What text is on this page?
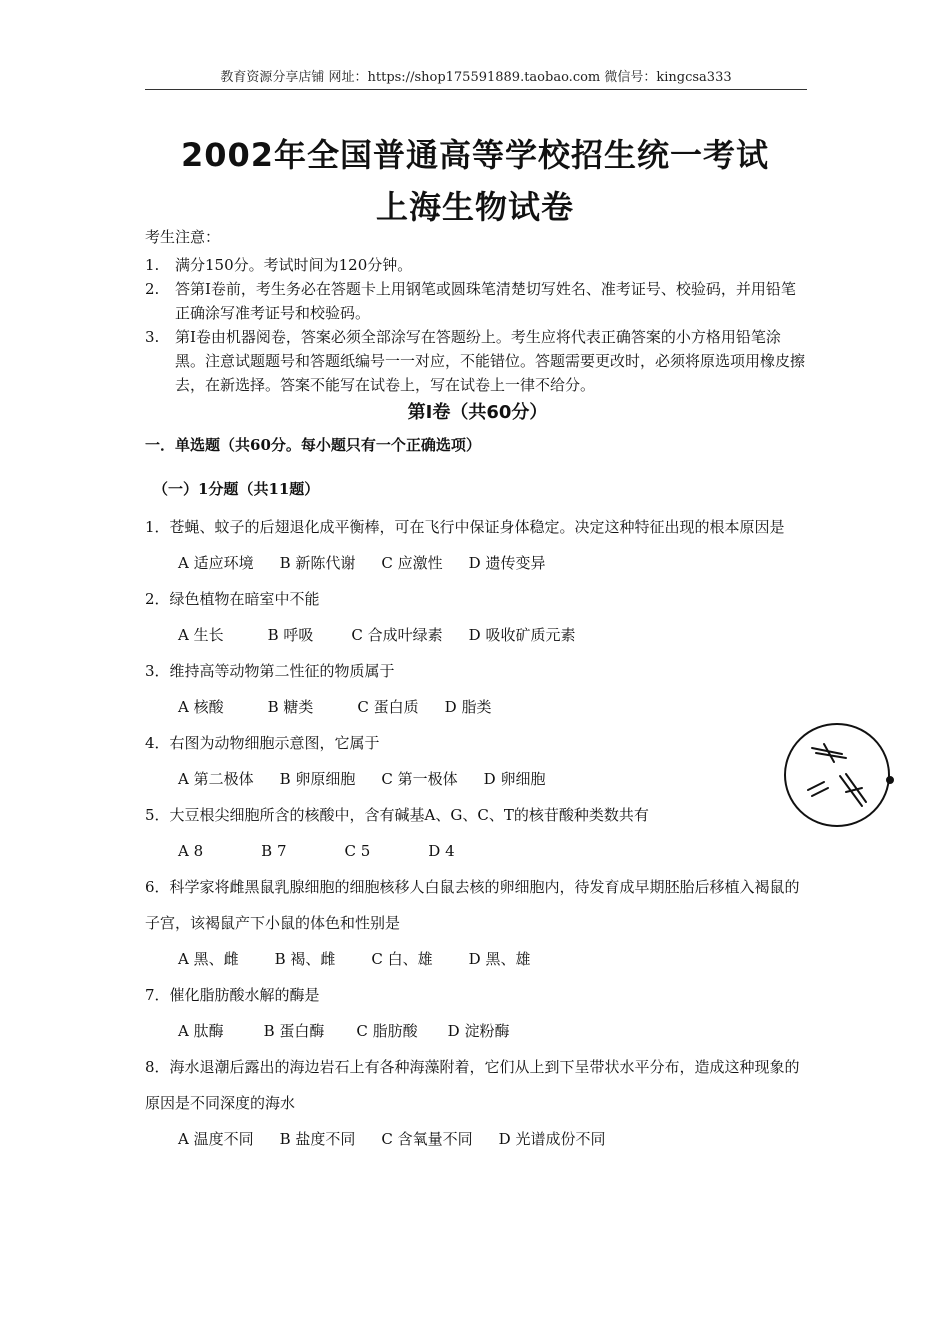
教育资源分享店铺 网址：https://shop175591889.taobao.com 微信号：kingcsa333
2002年全国普通高等学校招生统一考试
上海生物试卷
考生注意：
1.	满分150分。考试时间为120分钟。
2.	答第Ⅰ卷前，考生务必在答题卡上用钢笔或圆珠笔清楚切写姓名、准考证号、校验码，并用铅笔正确涂写准考证号和校验码。
3.	第Ⅰ卷由机器阅卷，答案必须全部涂写在答题纷上。考生应将代表正确答案的小方格用铅笔涂黑。注意试题题号和答题纸编号一一对应，不能错位。答题需要更改时，必须将原选项用橡皮擦去，在新选择。答案不能写在试卷上，写在试卷上一律不给分。
第Ⅰ卷（共60分）
一．单选题（共60分。每小题只有一个正确选项）
（一）1分题（共11题）
1．苍蝇、蚊子的后翅退化成平衡棒，可在飞行中保证身体稳定。决定这种特征出现的根本原因是
A 适应环境 B 新陈代谢 C 应激性 D 遗传变异
2．绿色植物在暗室中不能
A 生长	B 呼吸	C 合成叶绿素 D 吸收矿质元素
3．维持高等动物第二性征的物质属于
A 核酸	B 糖类	C 蛋白质 D 脂类
4．右图为动物细胞示意图，它属于
A 第二极体 B 卵原细胞 C 第一极体 D 卵细胞
5．大豆根尖细胞所含的核酸中，含有碱基A、G、C、T的核苷酸种类数共有
A 8	B 7	C 5	D 4
6．科学家将雌黑鼠乳腺细胞的细胞核移人白鼠去核的卵细胞内，待发育成早期胚胎后移植入褐鼠的子宫，该褐鼠产下小鼠的体色和性别是
A 黑、雌 B 褐、雌 C 白、雄 D 黑、雄
7．催化脂肪酸水解的酶是
A 肽酶	B 蛋白酶 C 脂肪酸 D 淀粉酶
8．海水退潮后露出的海边岩石上有各种海藻附着，它们从上到下呈带状水平分布，造成这种现象的原因是不同深度的海水
A 温度不同 B 盐度不同 C 含氧量不同 D 光谱成份不同
